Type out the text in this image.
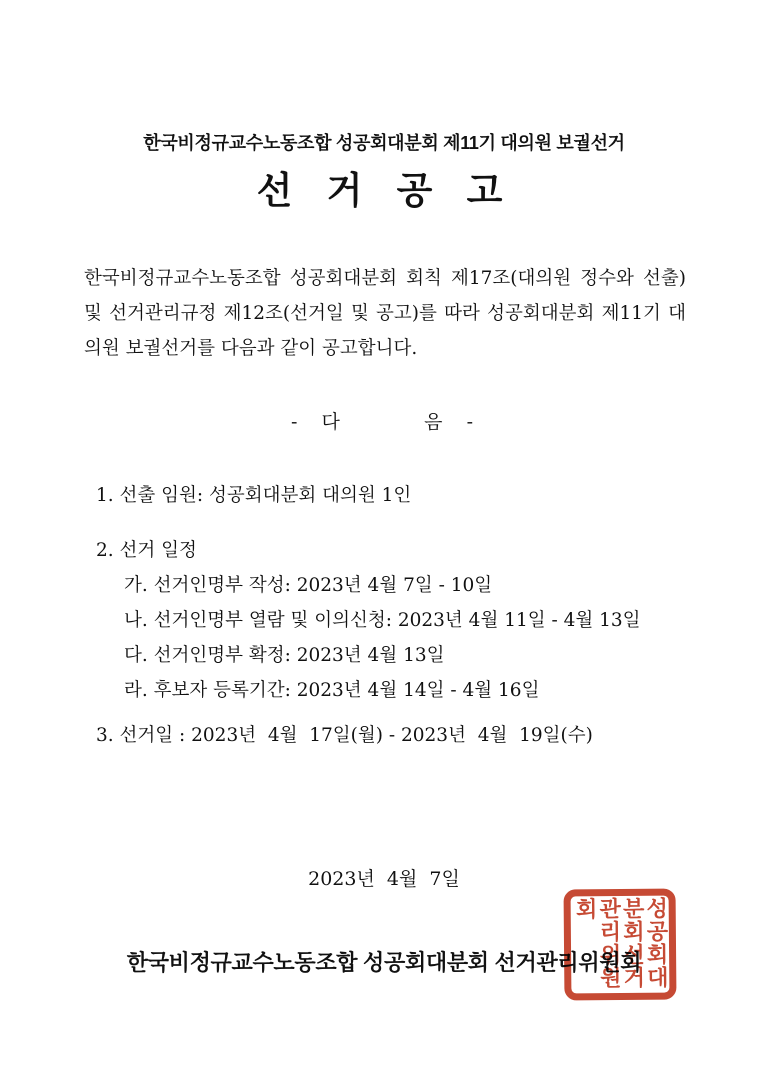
한국비정규교수노동조합 성공회대분회 제11기 대의원 보궐선거
선 거 공 고
한국비정규교수노동조합 성공회대분회 회칙 제17조(대의원 정수와 선출) 및 선거관리규정 제12조(선거일 및 공고)를 따라 성공회대분회 제11기 대의원 보궐선거를 다음과 같이 공고합니다.
-  다        음  -
1. 선출 임원: 성공회대분회 대의원 1인
2. 선거 일정
가. 선거인명부 작성: 2023년 4월 7일 - 10일
나. 선거인명부 열람 및 이의신청: 2023년 4월 11일 - 4월 13일
다. 선거인명부 확정: 2023년 4월 13일
라. 후보자 등록기간: 2023년 4월 14일 - 4월 16일
3. 선거일 : 2023년  4월  17일(월) - 2023년  4월  19일(수)
2023년  4월  7일
한국비정규교수노동조합 성공회대분회 선거관리위원회 성공회대분회선거관리위원회
